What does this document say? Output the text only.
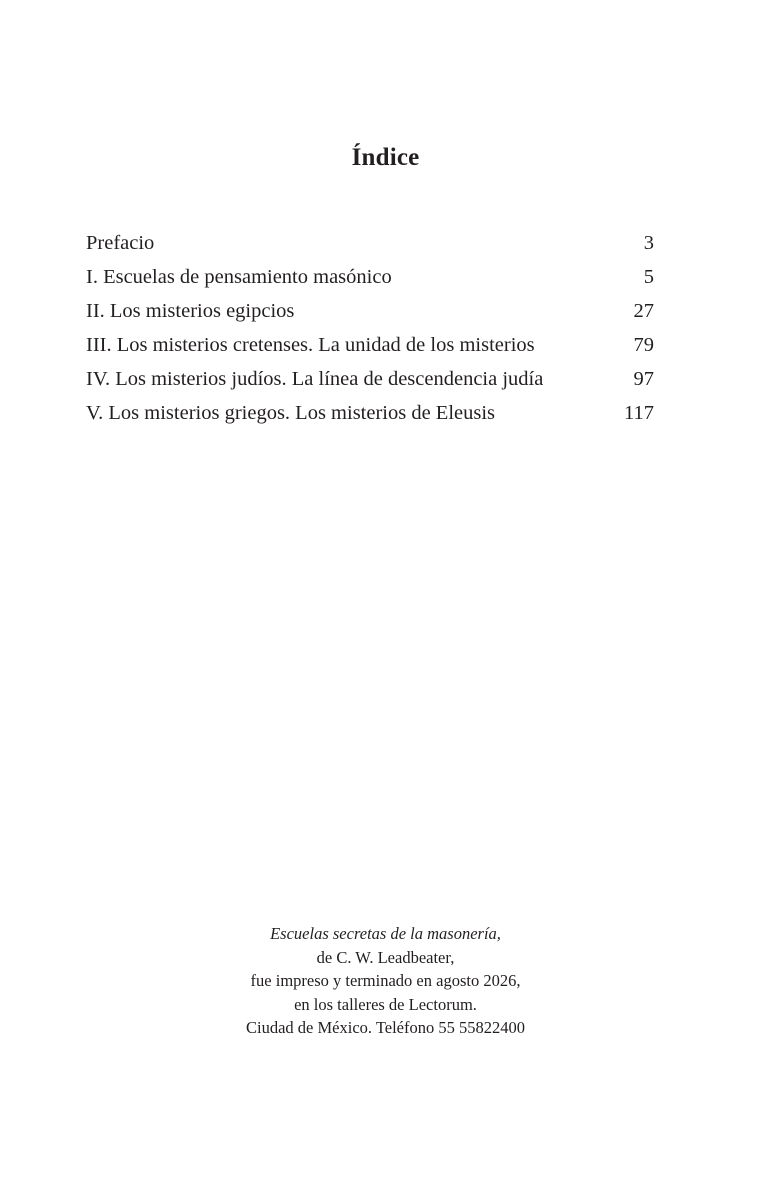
Índice
Prefacio	3
I. Escuelas de pensamiento masónico	5
II. Los misterios egipcios	27
III. Los misterios cretenses. La unidad de los misterios	79
IV. Los misterios judíos. La línea de descendencia judía	97
V. Los misterios griegos. Los misterios de Eleusis	117
Escuelas secretas de la masonería,
de C. W. Leadbeater,
fue impreso y terminado en agosto 2026,
en los talleres de Lectorum.
Ciudad de México. Teléfono 55 55822400
